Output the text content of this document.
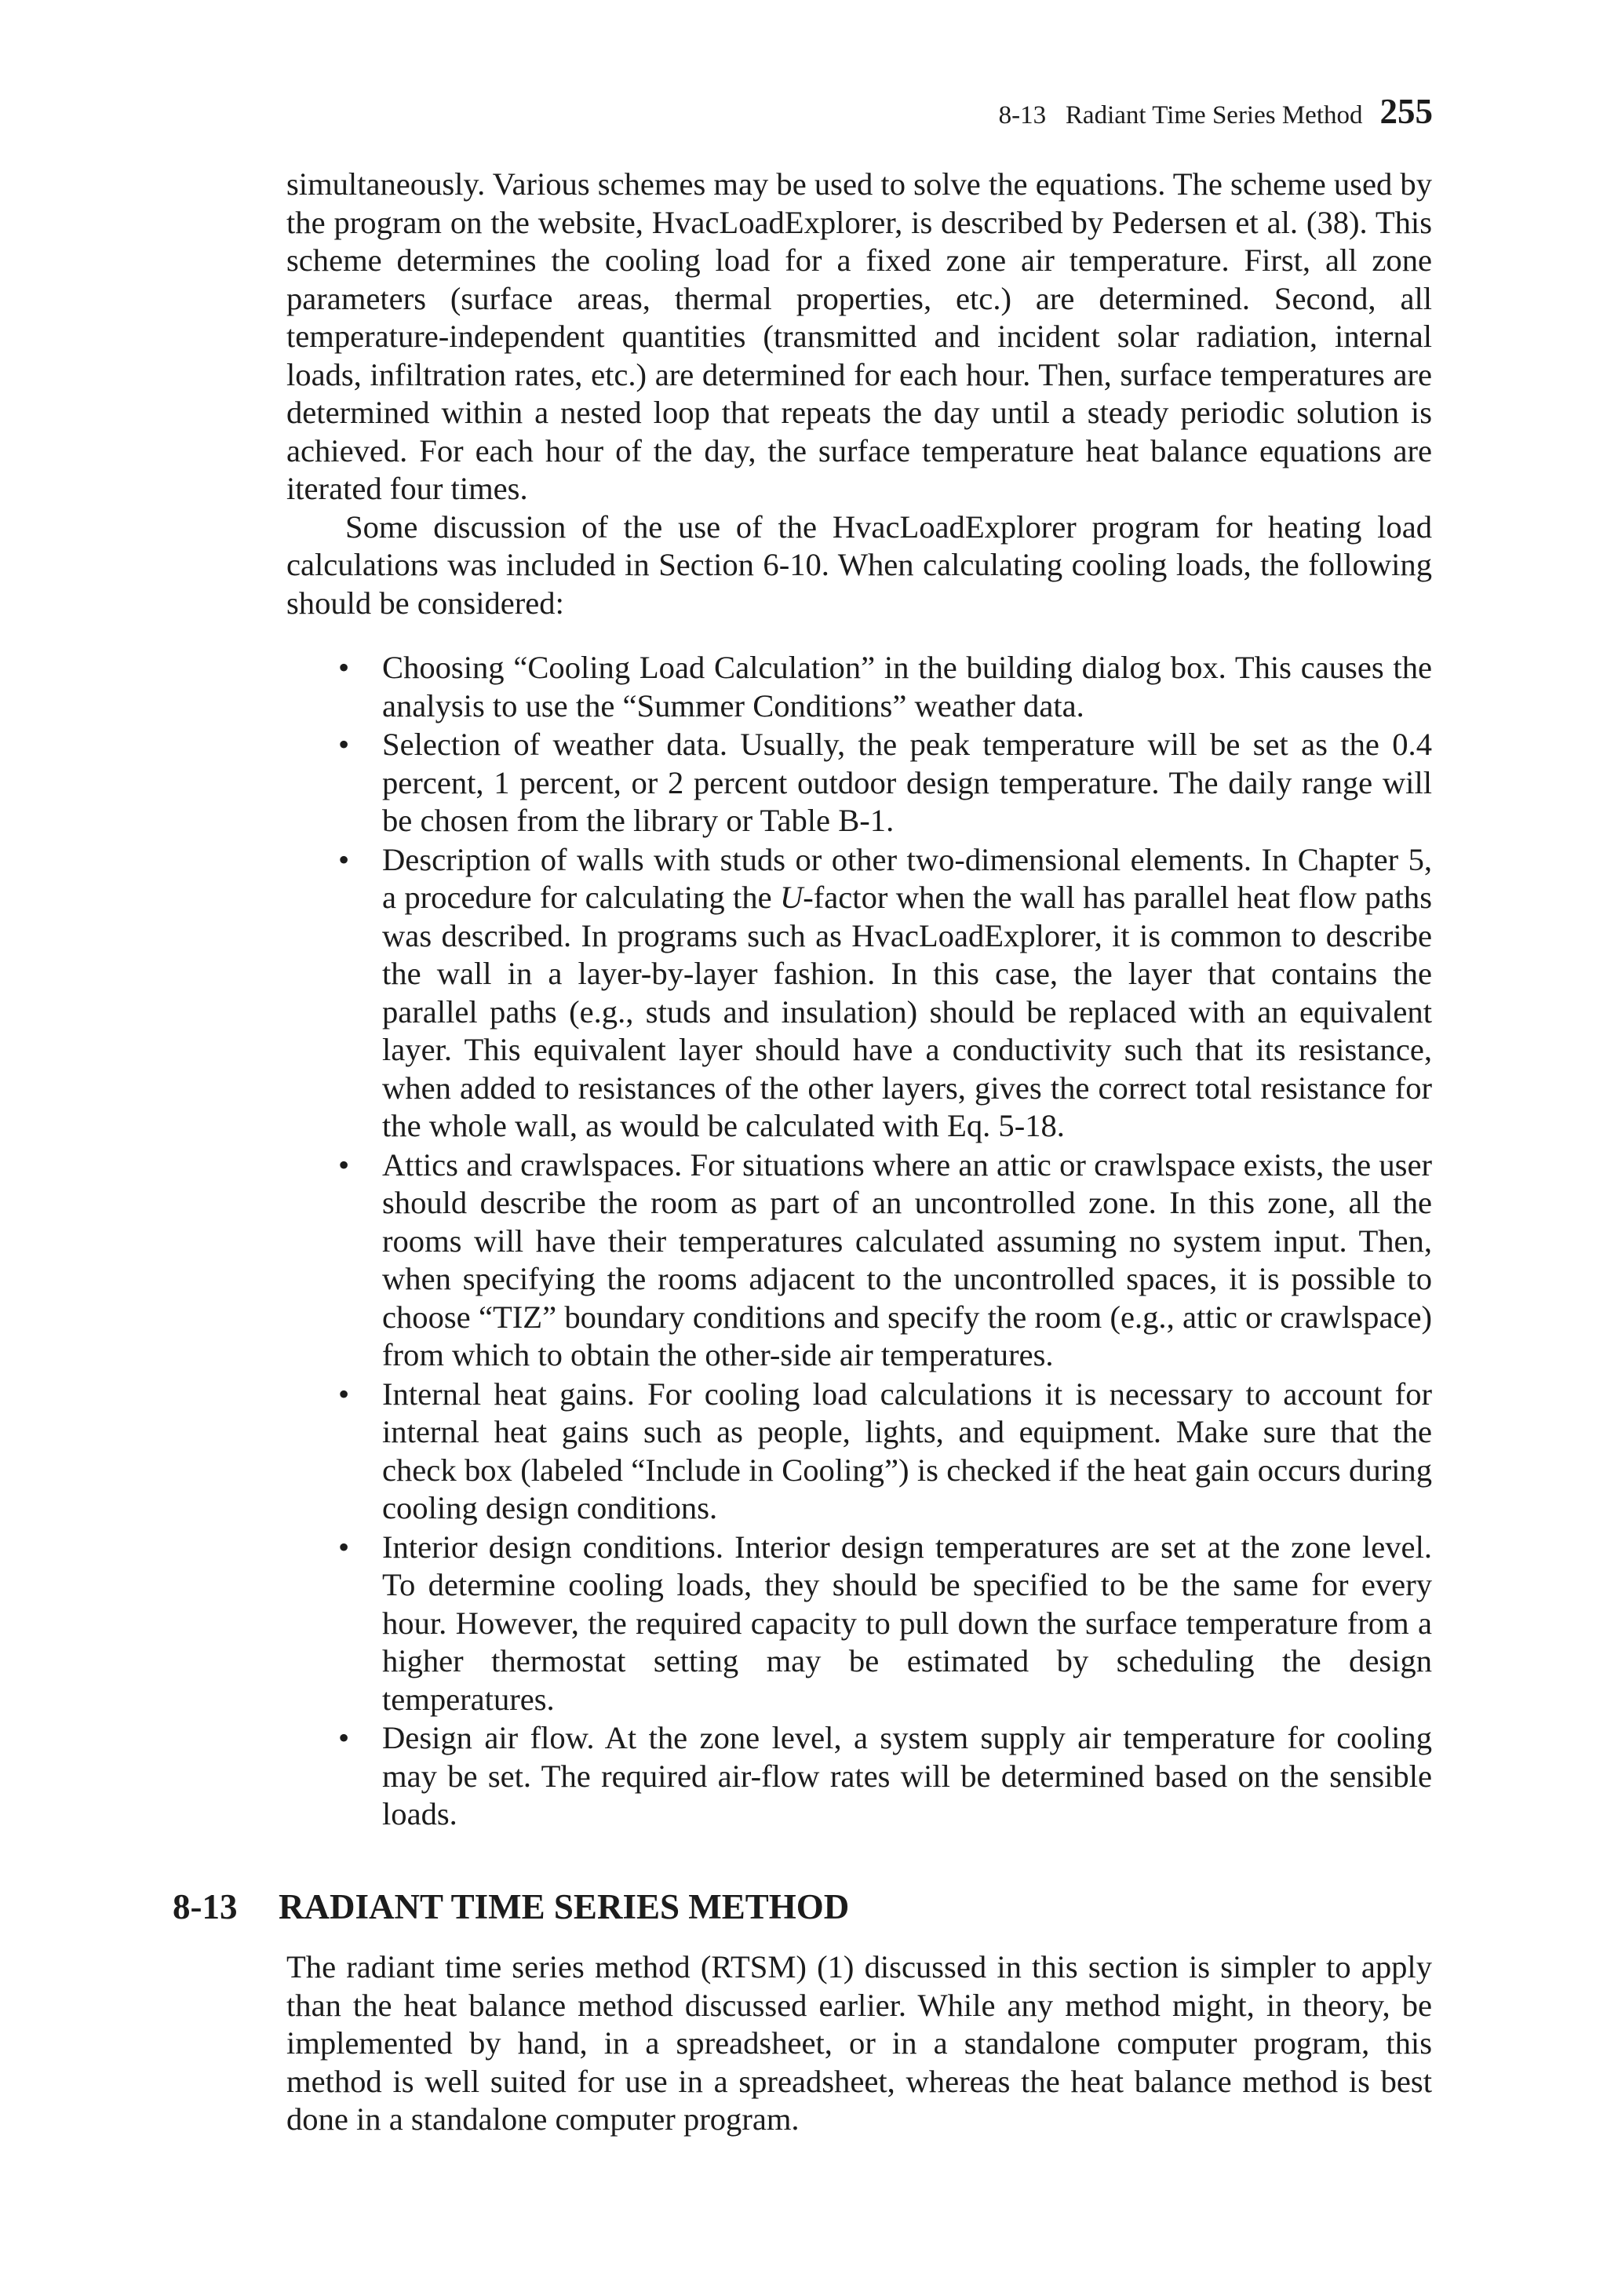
8-13   Radiant Time Series Method 255

simultaneously. Various schemes may be used to solve the equations. The scheme used by the program on the website, HvacLoadExplorer, is described by Pedersen et al. (38). This scheme determines the cooling load for a fixed zone air temperature. First, all zone parameters (surface areas, thermal properties, etc.) are determined. Second, all temperature-independent quantities (transmitted and incident solar radiation, internal loads, infiltration rates, etc.) are determined for each hour. Then, surface temperatures are determined within a nested loop that repeats the day until a steady periodic solution is achieved. For each hour of the day, the surface temperature heat balance equations are iterated four times.

Some discussion of the use of the HvacLoadExplorer program for heating load calculations was included in Section 6-10. When calculating cooling loads, the following should be considered:

• Choosing “Cooling Load Calculation” in the building dialog box. This causes the analysis to use the “Summer Conditions” weather data.

• Selection of weather data. Usually, the peak temperature will be set as the 0.4 percent, 1 percent, or 2 percent outdoor design temperature. The daily range will be chosen from the library or Table B-1.

• Description of walls with studs or other two-dimensional elements. In Chapter 5, a procedure for calculating the U-factor when the wall has parallel heat flow paths was described. In programs such as HvacLoadExplorer, it is common to describe the wall in a layer-by-layer fashion. In this case, the layer that contains the parallel paths (e.g., studs and insulation) should be replaced with an equivalent layer. This equivalent layer should have a conductivity such that its resistance, when added to resistances of the other layers, gives the correct total resistance for the whole wall, as would be calculated with Eq. 5-18.

• Attics and crawlspaces. For situations where an attic or crawlspace exists, the user should describe the room as part of an uncontrolled zone. In this zone, all the rooms will have their temperatures calculated assuming no system input. Then, when specifying the rooms adjacent to the uncontrolled spaces, it is possible to choose “TIZ” boundary conditions and specify the room (e.g., attic or crawlspace) from which to obtain the other-side air temperatures.

• Internal heat gains. For cooling load calculations it is necessary to account for internal heat gains such as people, lights, and equipment. Make sure that the check box (labeled “Include in Cooling”) is checked if the heat gain occurs during cooling design conditions.

• Interior design conditions. Interior design temperatures are set at the zone level. To determine cooling loads, they should be specified to be the same for every hour. However, the required capacity to pull down the surface temperature from a higher thermostat setting may be estimated by scheduling the design temperatures.

• Design air flow. At the zone level, a system supply air temperature for cooling may be set. The required air-flow rates will be determined based on the sensible loads.

8-13 RADIANT TIME SERIES METHOD

The radiant time series method (RTSM) (1) discussed in this section is simpler to apply than the heat balance method discussed earlier. While any method might, in theory, be implemented by hand, in a spreadsheet, or in a standalone computer program, this method is well suited for use in a spreadsheet, whereas the heat balance method is best done in a standalone computer program.
